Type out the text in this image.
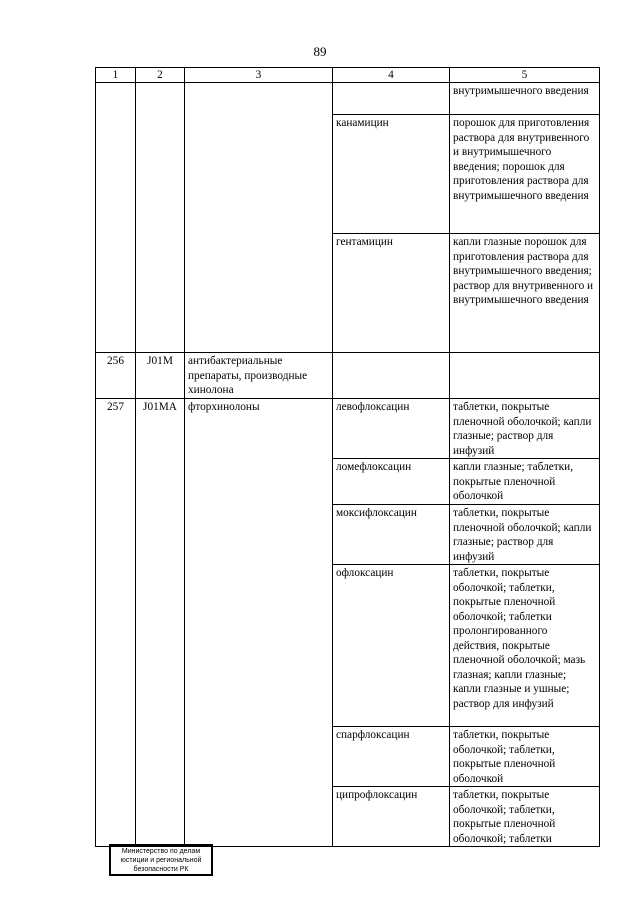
89
1	2	3	4	5
				внутримышечного введения
			канамицин	порошок для приготовления раствора для внутривенного и внутримышечного введения; порошок для приготовления раствора для внутримышечного введения
			гентамицин	капли глазные порошок для приготовления раствора для внутримышечного введения; раствор для внутривенного и внутримышечного введения
256	J01M	антибактериальные препараты, производные хинолона		
257	J01MA	фторхинолоны	левофлоксацин	таблетки, покрытые пленочной оболочкой; капли глазные; раствор для инфузий
			ломефлоксацин	капли глазные; таблетки, покрытые пленочной оболочкой
			моксифлоксацин	таблетки, покрытые пленочной оболочкой; капли глазные; раствор для инфузий
			офлоксацин	таблетки, покрытые оболочкой; таблетки, покрытые пленочной оболочкой; таблетки пролонгированного действия, покрытые пленочной оболочкой; мазь глазная; капли глазные; капли глазные и ушные; раствор для инфузий
			спарфлоксацин	таблетки, покрытые оболочкой; таблетки, покрытые пленочной оболочкой
			ципрофлоксацин	таблетки, покрытые оболочкой; таблетки, покрытые пленочной оболочкой; таблетки
Министерство по делам
юстиции и региональной
безопасности РК
